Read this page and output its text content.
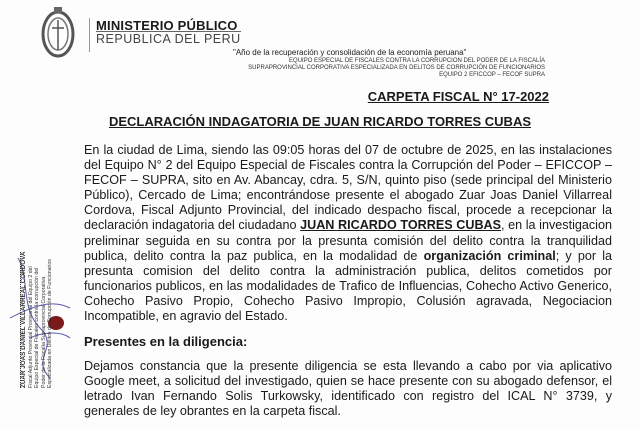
MINISTERIO PÚBLICO
REPUBLICA DEL PERU
"Año de la recuperación y consolidación de la economía peruana"
EQUIPO ESPECIAL DE FISCALES CONTRA LA CORRUPCION DEL PODER DE LA FISCALÍA
SUPRAPROVINCIAL CORPORATIVA ESPECIALIZADA EN DELITOS DE CORRUPCIÓN DE FUNCIONARIOS
EQUIPO 2 EFICCOP – FECOF SUPRA
CARPETA FISCAL N° 17-2022
DECLARACIÓN INDAGATORIA DE JUAN RICARDO TORRES CUBAS
ZUAR JOAS DANIEL VILLARREAL CORDOVA Fiscal Adjunto Provincial Provisional del Equipo 2 del Equipo Especial de Fiscales contra la corrupción del Poder de la Fiscalía Supraprovincial Corporativa Especializada en Delitos de Corrupción de Funcionarios
En la ciudad de Lima, siendo las 09:05 horas del 07 de octubre de 2025, en las instalaciones del Equipo N° 2 del Equipo Especial de Fiscales contra la Corrupción del Poder – EFICCOP – FECOF – SUPRA, sito en Av. Abancay, cdra. 5, S/N, quinto piso (sede principal del Ministerio Público), Cercado de Lima; encontrándose presente el abogado Zuar Joas Daniel Villarreal Cordova, Fiscal Adjunto Provincial, del indicado despacho fiscal, procede a recepcionar la declaración indagatoria del ciudadano JUAN RICARDO TORRES CUBAS, en la investigacion preliminar seguida en su contra por la presunta comisión del delito contra la tranquilidad publica, delito contra la paz publica, en la modalidad de organización criminal; y por la presunta comision del delito contra la administración publica, delitos cometidos por funcionarios publicos, en las modalidades de Trafico de Influencias, Cohecho Activo Generico, Cohecho Pasivo Propio, Cohecho Pasivo Impropio, Colusión agravada, Negociacion Incompatible, en agravio del Estado.
Presentes en la diligencia:
Dejamos constancia que la presente diligencia se esta llevando a cabo por via aplicativo Google meet, a solicitud del investigado, quien se hace presente con su abogado defensor, el letrado Ivan Fernando Solis Turkowsky, identificado con registro del ICAL N° 3739, y generales de ley obrantes en la carpeta fiscal.
